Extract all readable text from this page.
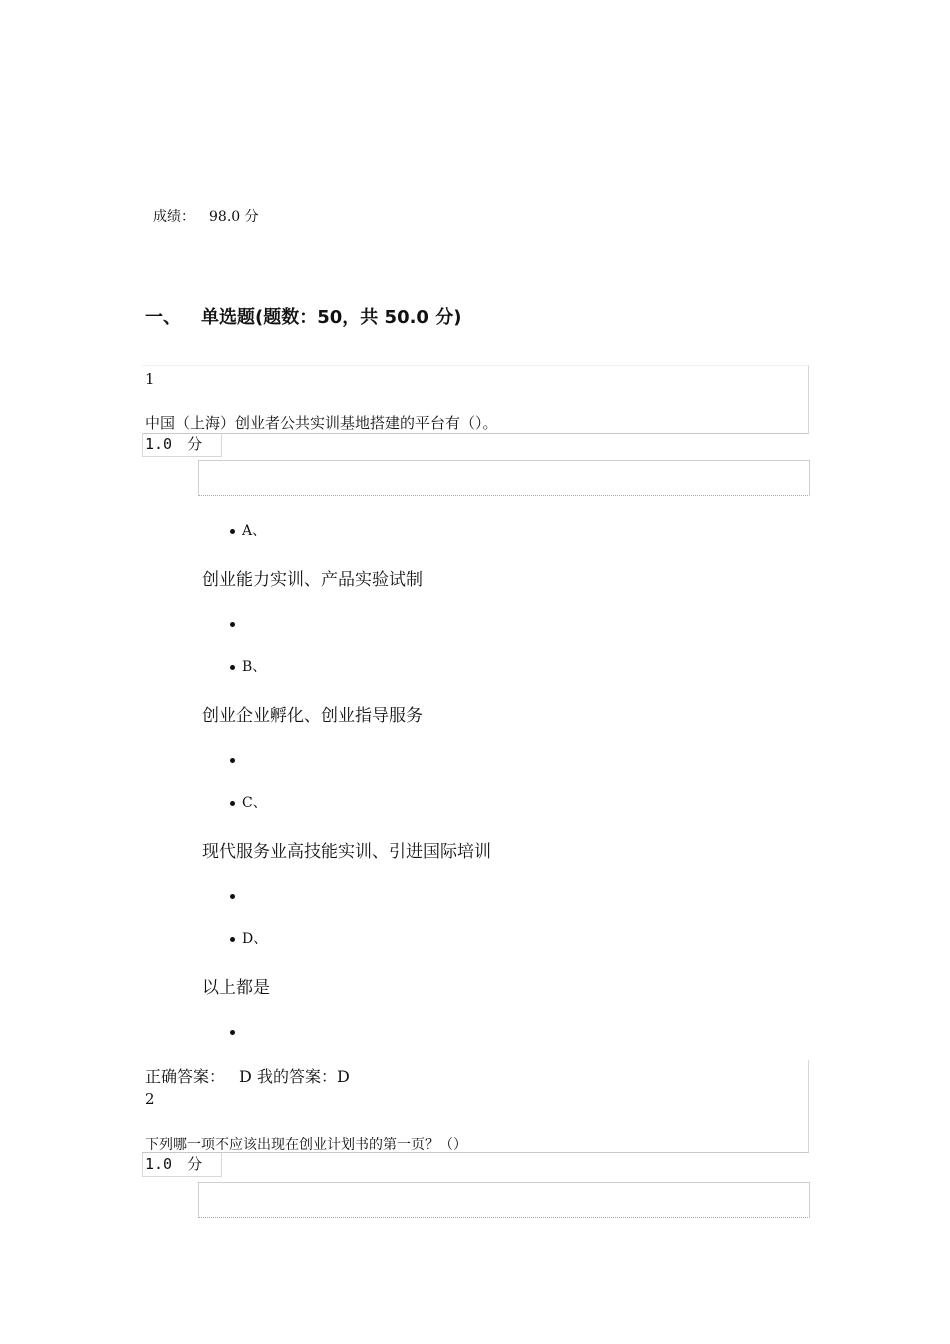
成绩： 98.0 分
一、 单选题(题数：50，共 50.0 分)
1
中国（上海）创业者公共实训基地搭建的平台有（）。
1.0　分
A、
创业能力实训、产品实验试制
B、
创业企业孵化、创业指导服务
C、
现代服务业高技能实训、引进国际培训
D、
以上都是
2
下列哪一项不应该出现在创业计划书的第一页？（）
正确答案： D 我的答案：D
1.0　分
